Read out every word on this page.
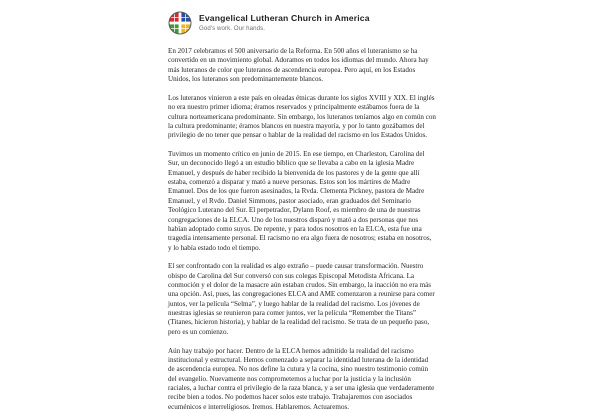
Evangelical Lutheran Church in America
God's work. Our hands.

En 2017 celebramos el 500 aniversario de la Reforma. En 500 años el luteranismo se ha convertido en un movimiento global. Adoramos en todos los idiomas del mundo. Ahora hay más luteranos de color que luteranos de ascendencia europea. Pero aquí, en los Estados Unidos, los luteranos son predominantemente blancos.

Los luteranos vinieron a este país en oleadas étnicas durante los siglos XVIII y XIX. El inglés no era nuestro primer idioma; éramos reservados y principalmente estábamos fuera de la cultura norteamericana predominante. Sin embargo, los luteranos teníamos algo en común con la cultura predominante; éramos blancos en nuestra mayoría, y por lo tanto gozábamos del privilegio de no tener que pensar o hablar de la realidad del racismo en los Estados Unidos.

Tuvimos un momento crítico en junio de 2015. En ese tiempo, en Charleston, Carolina del Sur, un deconocido llegó a un estudio bíblico que se llevaba a cabo en la iglesia Madre Emanuel, y después de haber recibido la bienvenida de los pastores y de la gente que allí estaba, comenzó a disparar y mató a nueve personas. Estos son los mártires de Madre Emanuel. Dos de los que fueron asesinados, la Rvda. Clementa Pickney, pastora de Madre Emanuel, y el Rvdo. Daniel Simmons, pastor asociado, eran graduados del Seminario Teológico Luterano del Sur. El perpetrador, Dylann Roof, es miembro de una de nuestras congregaciones de la ELCA. Uno de los nuestros disparó y mató a dos personas que nos habían adoptado como suyos. De repente, y para todos nosotros en la ELCA, esta fue una tragedia intensamente personal. El racismo no era algo fuera de nosotros; estaba en nosotros, y lo había estado todo el tiempo.

El ser confrontado con la realidad es algo extraño – puede causar transformación. Nuestro obispo de Carolina del Sur conversó con sus colegas Episcopal Metodista Africana. La conmoción y el dolor de la masacre aún estaban crudos. Sin embargo, la inacción no era más una opción. Así, pues, las congregaciones ELCA and AME comenzaron a reunirse para comer juntos, ver la película “Selma”, y luego hablar de la realidad del racismo. Los jóvenes de nuestras iglesias se reunieron para comer juntos, ver la película “Remember the Titans” (Titanes, hicieron historia), y hablar de la realidad del racismo. Se trata de un pequeño paso, pero es un comienzo.

Aún hay trabajo por hacer. Dentro de la ELCA hemos admitido la realidad del racismo institucional y estructural. Hemos comenzado a separar la identidad luterana de la identidad de ascendencia europea. No nos define la cutura y la cocina, sino nuestro testimonio común del evangelio. Nuevamente nos comprometemos a luchar por la justicia y la inclusión raciales, a luchar contra el privilegio de la raza blanca, y a ser una iglesia que verdaderamente recibe bien a todos. No podemos hacer solos este trabajo. Trabajaremos con asociados ecuménicos e interreligiosos. Iremos. Hablaremos. Actuaremos.
